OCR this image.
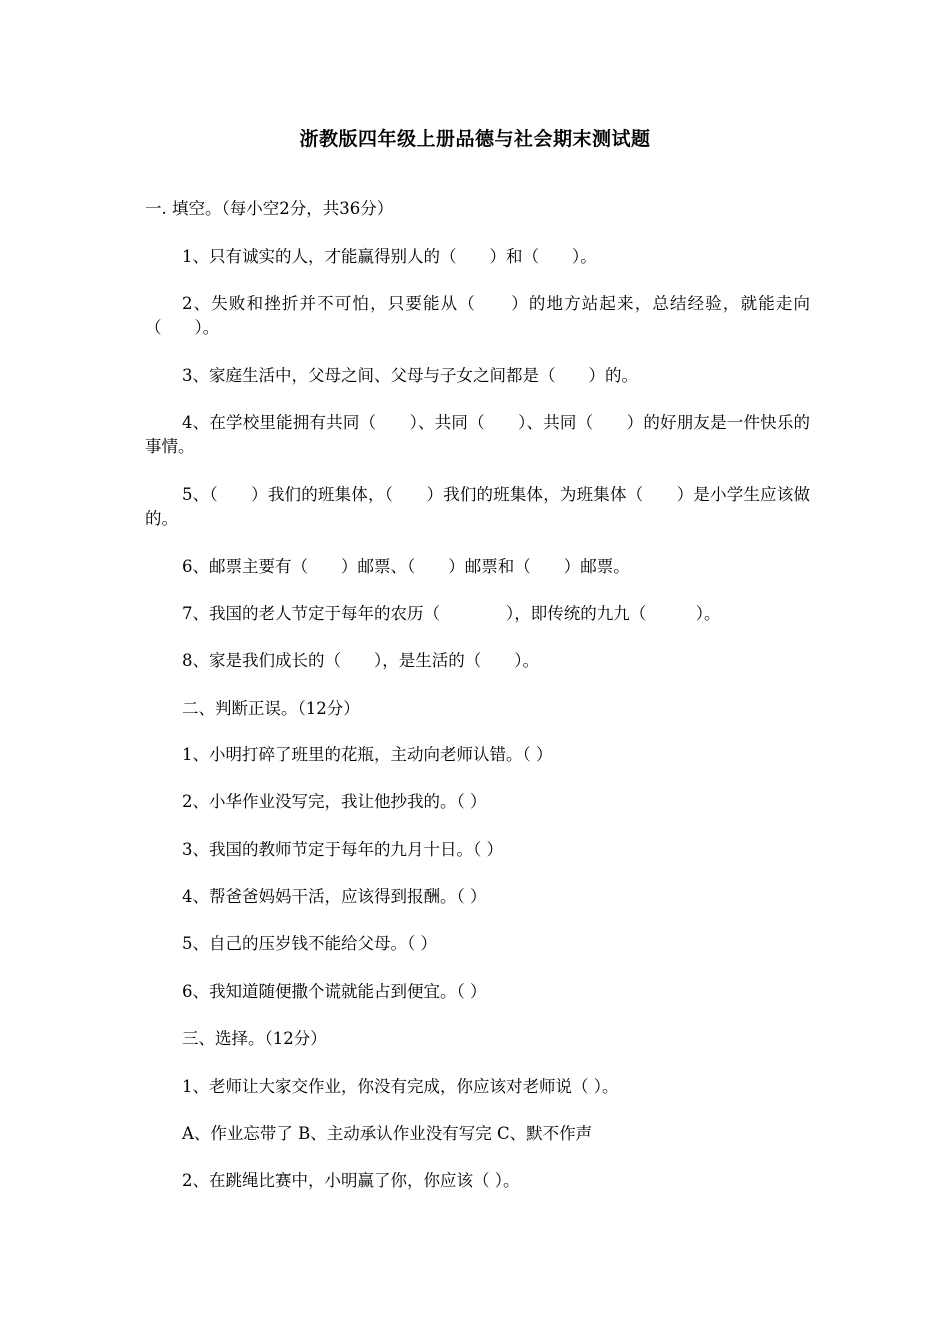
浙教版四年级上册品德与社会期末测试题
一. 填空。（每小空2分，共36分）
1、只有诚实的人，才能赢得别人的（　　）和（　　）。
2、失败和挫折并不可怕，只要能从（　　）的地方站起来，总结经验，就能走向（　　）。
3、家庭生活中，父母之间、父母与子女之间都是（　　）的。
4、在学校里能拥有共同（　　）、共同（　　）、共同（　　）的好朋友是一件快乐的事情。
5、（　　）我们的班集体，（　　）我们的班集体，为班集体（　　）是小学生应该做的。
6、邮票主要有（　　）邮票、（　　）邮票和（　　）邮票。
7、我国的老人节定于每年的农历（　　　　），即传统的九九（　　　）。
8、家是我们成长的（　　），是生活的（　　）。
二、判断正误。（12分）
1、小明打碎了班里的花瓶，主动向老师认错。（ ）
2、小华作业没写完，我让他抄我的。（ ）
3、我国的教师节定于每年的九月十日。（ ）
4、帮爸爸妈妈干活，应该得到报酬。（ ）
5、自己的压岁钱不能给父母。（ ）
6、我知道随便撒个谎就能占到便宜。（ ）
三、选择。（12分）
1、老师让大家交作业，你没有完成，你应该对老师说（ ）。
A、作业忘带了 B、主动承认作业没有写完 C、默不作声
2、在跳绳比赛中，小明赢了你，你应该（ ）。
